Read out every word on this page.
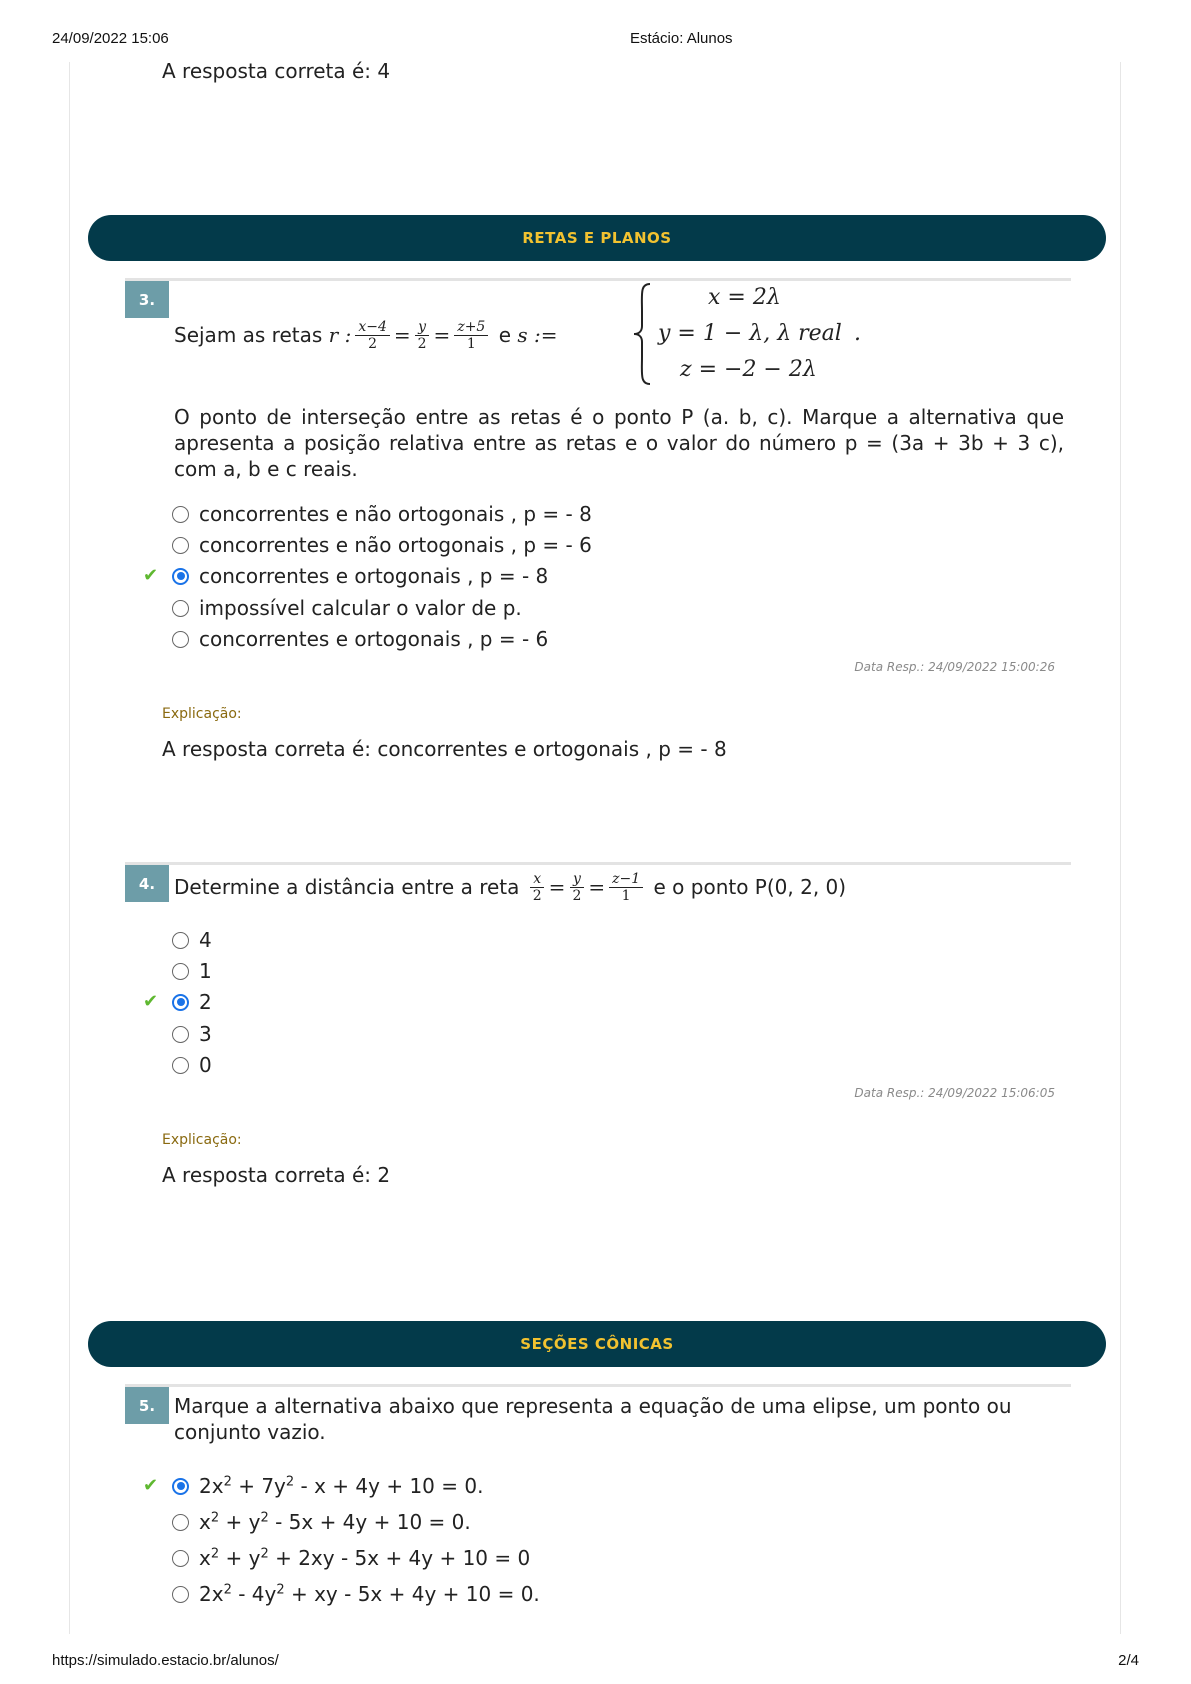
24/09/2022 15:06	Estácio: Alunos
https://simulado.estacio.br/alunos/	2/4
A resposta correta é: 4
RETAS E PLANOS
3.
Sejam as retas
r : $\frac{x-4}{2} = \frac{y}{2} = \frac{z+5}{1}$
e
s :=
x = 2λ
y = 1 − λ, λ real
z = −2 − 2λ
.
O ponto de interseção entre as retas é o ponto P (a. b, c). Marque a alternativa que apresenta a posição relativa entre as retas e o valor do número p = (3a + 3b + 3 c), com a, b e c reais.
concorrentes e não ortogonais , p = - 8
concorrentes e não ortogonais , p = - 6
✔ concorrentes e ortogonais , p = - 8
impossível calcular o valor de p.
concorrentes e ortogonais , p = - 6
Data Resp.: 24/09/2022 15:00:26
Explicação:
A resposta correta é: concorrentes e ortogonais , p = - 8
4. Determine a distância entre a reta
$\frac{x}{2} = \frac{y}{2} = \frac{z-1}{1}$
e o ponto P(0, 2, 0)
4
1
✔ 2
3
0
Data Resp.: 24/09/2022 15:06:05
Explicação:
A resposta correta é: 2
SEÇÕES CÔNICAS
5. Marque a alternativa abaixo que representa a equação de uma elipse, um ponto ou conjunto vazio.
✔ $2x^2 + 7y^2 - x + 4y + 10 = 0$.
$x^2 + y^2 - 5x + 4y + 10 = 0$.
$x^2 + y^2 + 2xy - 5x + 4y + 10 = 0$
$2x^2 - 4y^2$ + xy - 5x + 4y + 10 = 0.
